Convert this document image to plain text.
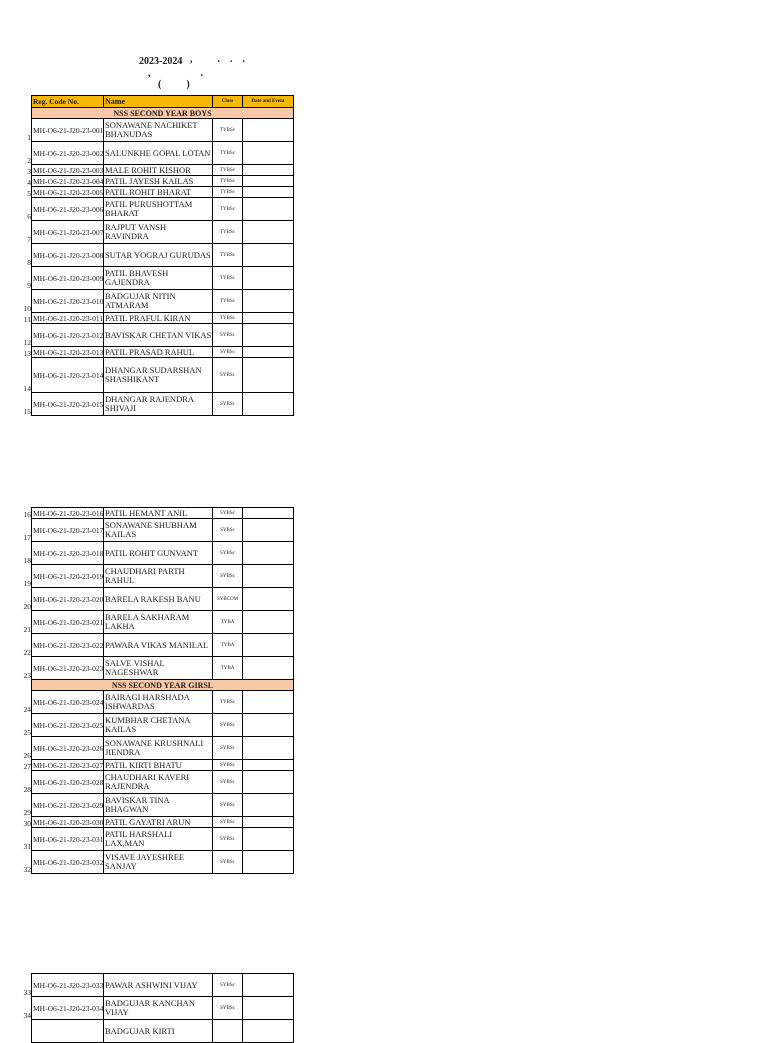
2023-2024 ,          .    .    .
,                    .
(          )
Reg. Code No.	Name	Class	Date and Event
NSS SECOND YEAR BOYS
1
MH-O6-21-J20-23-001 SONAWANE NACHIKET BHANUDAS	TYBSc
2
MH-O6-21-J20-23-002 SALUNKHE GOPAL LOTAN	TYBSc
3 MH-O6-21-J20-23-003 MALE ROHIT KISHOR	TYBSc
4 MH-O6-21-J20-23-004 PATIL JAYESH KAILAS	TYBSc
5 MH-O6-21-J20-23-005 PATIL ROHIT BHARAT	TYBSc
6
MH-O6-21-J20-23-006 PATIL PURUSHOTTAM BHARAT	TYBSc
7
MH-O6-21-J20-23-007 RAJPUT VANSH RAVINDRA	TYBSc
8
MH-O6-21-J20-23-008 SUTAR YOGRAJ GURUDAS	TYBSc
9
MH-O6-21-J20-23-009 PATIL BHAVESH GAJENDRA	TYBSc
10
MH-O6-21-J20-23-010 BADGUJAR NITIN ATMARAM	TYBSc
11 MH-O6-21-J20-23-011 PATIL PRAFUL KIRAN	TYBSc
12
MH-O6-21-J20-23-012 BAVISKAR CHETAN VIKAS	SYBSc
13 MH-O6-21-J20-23-013 PATIL PRASAD RAHUL	SYBSc
14
MH-O6-21-J20-23-014 DHANGAR SUDARSHAN SHASHIKANT	SYBSc
15
MH-O6-21-J20-23-015 DHANGAR RAJENDRA SHIVAJI	SYBSc
16 MH-O6-21-J20-23-016 PATIL HEMANT ANIL	SYBSc
17
MH-O6-21-J20-23-017 SONAWANE SHUBHAM KAILAS	SYBSc
18
MH-O6-21-J20-23-018 PATIL ROHIT GUNVANT	SYBSc
19
MH-O6-21-J20-23-019 CHAUDHARI PARTH RAHUL	SYBSc
20
MH-O6-21-J20-23-020 BARELA RAKESH BANU	SYBCOM
21
MH-O6-21-J20-23-021 BARELA SAKHARAM LAKHA	TYBA
22
MH-O6-21-J20-23-022 PAWARA VIKAS MANILAL	TYBA
23
MH-O6-21-J20-23-023 SALVE VISHAL NAGESHWAR	TYBA
NSS SECOND YEAR GIRSL
24
MH-O6-21-J20-23-024 BAIRAGI HARSHADA ISHWARDAS	TYBSc
25
MH-O6-21-J20-23-025 KUMBHAR CHETANA KAILAS	SYBSc
26
MH-O6-21-J20-23-026 SONAWANE KRUSHNALI JIENDRA	SYBSc
27 MH-O6-21-J20-23-027 PATIL KIRTI BHATU	SYBSc
28
MH-O6-21-J20-23-028 CHAUDHARI KAVERI RAJENDRA	SYBSc
29
MH-O6-21-J20-23-029 BAVISKAR TINA BHAGWAN	SYBSc
30 MH-O6-21-J20-23-030 PATIL GAYATRI ARUN	SYBSc
31
MH-O6-21-J20-23-031 PATIL HARSHALI LAX,MAN	SYBSc
32
MH-O6-21-J20-23-032 VISAVE JAYESHREE SANJAY	SYBSc
33
MH-O6-21-J20-23-033 PAWAR ASHWINI VIJAY	SYBSc
34
MH-O6-21-J20-23-034 BADGUJAR KANCHAN VIJAY	SYBSc
BADGUJAR KIRTI
